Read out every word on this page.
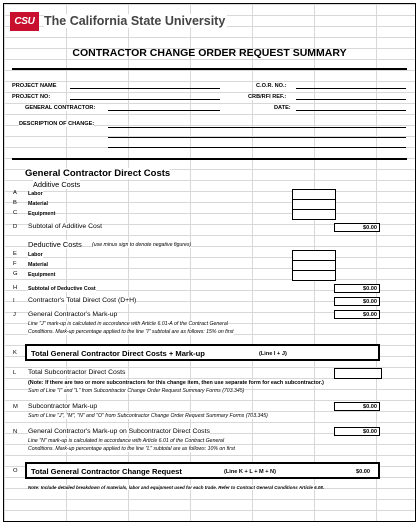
CSU The California State University
CONTRACTOR CHANGE ORDER REQUEST SUMMARY
PROJECT NAME
PROJECT NO:
GENERAL CONTRACTOR:
C.O.R. NO.:
CRB/RFI REF.:
DATE:
DESCRIPTION OF CHANGE:
General Contractor Direct Costs
Additive Costs
A Labor
B Material
C Equipment
D Subtotal of Additive Cost	$0.00
Deductive Costs (use minus sign to denote negative figures)
E Labor
F Material
G Equipment
H Subtotal of Deductive Cost	$0.00
I Contractor's Total Direct Cost (D+H)	$0.00
J General Contractor's Mark-up	$0.00
Line "J" mark-up is calculated in accordance with Article 6.01-A of the Contract General
Conditions. Mark-up percentage applied to the line "I" subtotal are as follows: 15% on first
K Total General Contractor Direct Costs + Mark-up	(Line I + J)
L Total Subcontractor Direct Costs
(Note: If there are two or more subcontractors for this change item, then use separate form for each subcontractor.)
Sum of Line "I" and "L" from Subcontractor Change Order Request Summary Forms (703.345)
M Subcontractor Mark-up	$0.00
Sum of Line "J", "M", "N" and "O" from Subcontractor Change Order Request Summary Forms (703.345)
N General Contractor's Mark-up on Subcontractor Direct Costs	$0.00
Line "N" mark-up is calculated in accordance with Article 6.01 of the Contract General
Conditions. Mark-up percentage applied to the line "L" subtotal are as follows: 10% on first
O Total General Contractor Change Request	(Line K + L + M + N)	$0.00
Note: Include detailed breakdown of materials, labor and equipment used for each trade. Refer to Contract General Conditions Article 6.08.
